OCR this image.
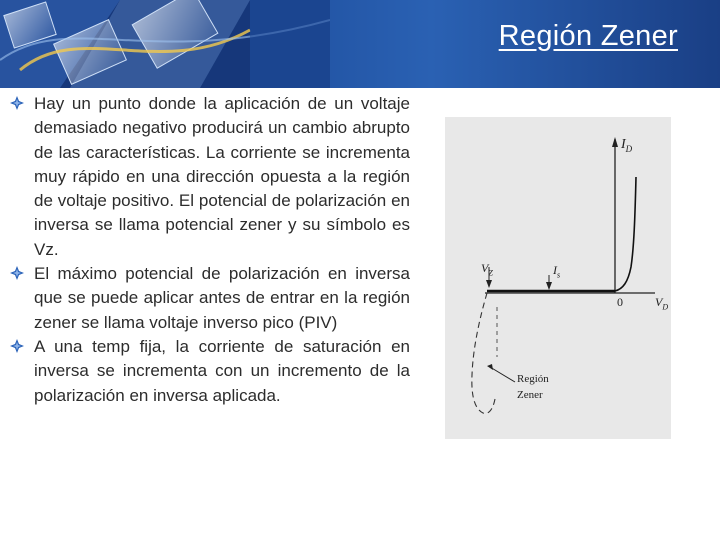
Región Zener
Hay un punto donde la aplicación de un voltaje demasiado negativo producirá un cambio abrupto de las características. La corriente se incrementa muy rápido en una dirección opuesta a la región de voltaje positivo. El potencial de polarización en inversa se llama potencial zener y su símbolo es Vz.
El máximo potencial de polarización en inversa que se puede aplicar antes de entrar en la región zener se llama voltaje inverso pico (PIV)
A una temp fija, la corriente de saturación en inversa se incrementa con un incremento de la polarización en inversa aplicada.
$I_D$
$V_D$
$V_Z$	$I_s$
0
Región
Zener
